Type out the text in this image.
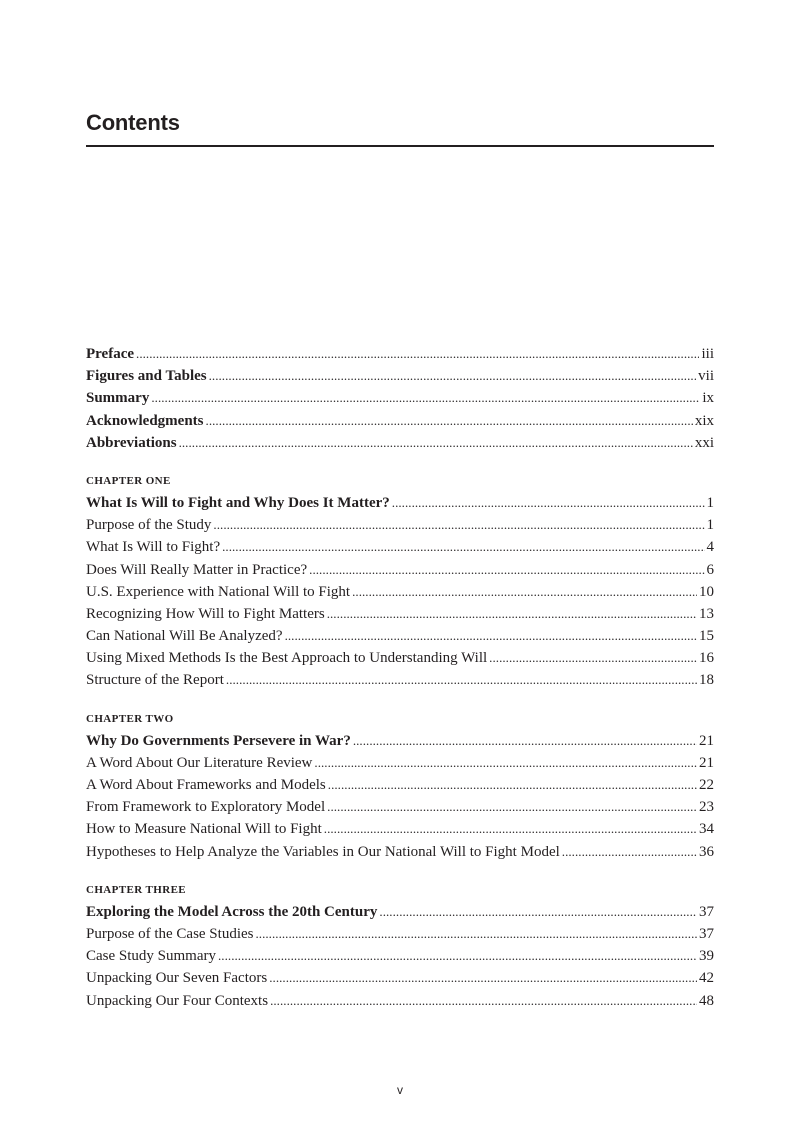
Contents
Preface . . .	iii
Figures and Tables . . .	vii
Summary . . .	ix
Acknowledgments . . .	xix
Abbreviations . . .	xxi
CHAPTER ONE
What Is Will to Fight and Why Does It Matter? . . .	1
Purpose of the Study . . .	1
What Is Will to Fight? . . .	4
Does Will Really Matter in Practice? . . .	6
U.S. Experience with National Will to Fight . . .	10
Recognizing How Will to Fight Matters . . .	13
Can National Will Be Analyzed? . . .	15
Using Mixed Methods Is the Best Approach to Understanding Will . . .	16
Structure of the Report . . .	18
CHAPTER TWO
Why Do Governments Persevere in War? . . .	21
A Word About Our Literature Review . . .	21
A Word About Frameworks and Models . . .	22
From Framework to Exploratory Model . . .	23
How to Measure National Will to Fight . . .	34
Hypotheses to Help Analyze the Variables in Our National Will to Fight Model . . .	36
CHAPTER THREE
Exploring the Model Across the 20th Century . . .	37
Purpose of the Case Studies . . .	37
Case Study Summary . . .	39
Unpacking Our Seven Factors . . .	42
Unpacking Our Four Contexts . . .	48
v
